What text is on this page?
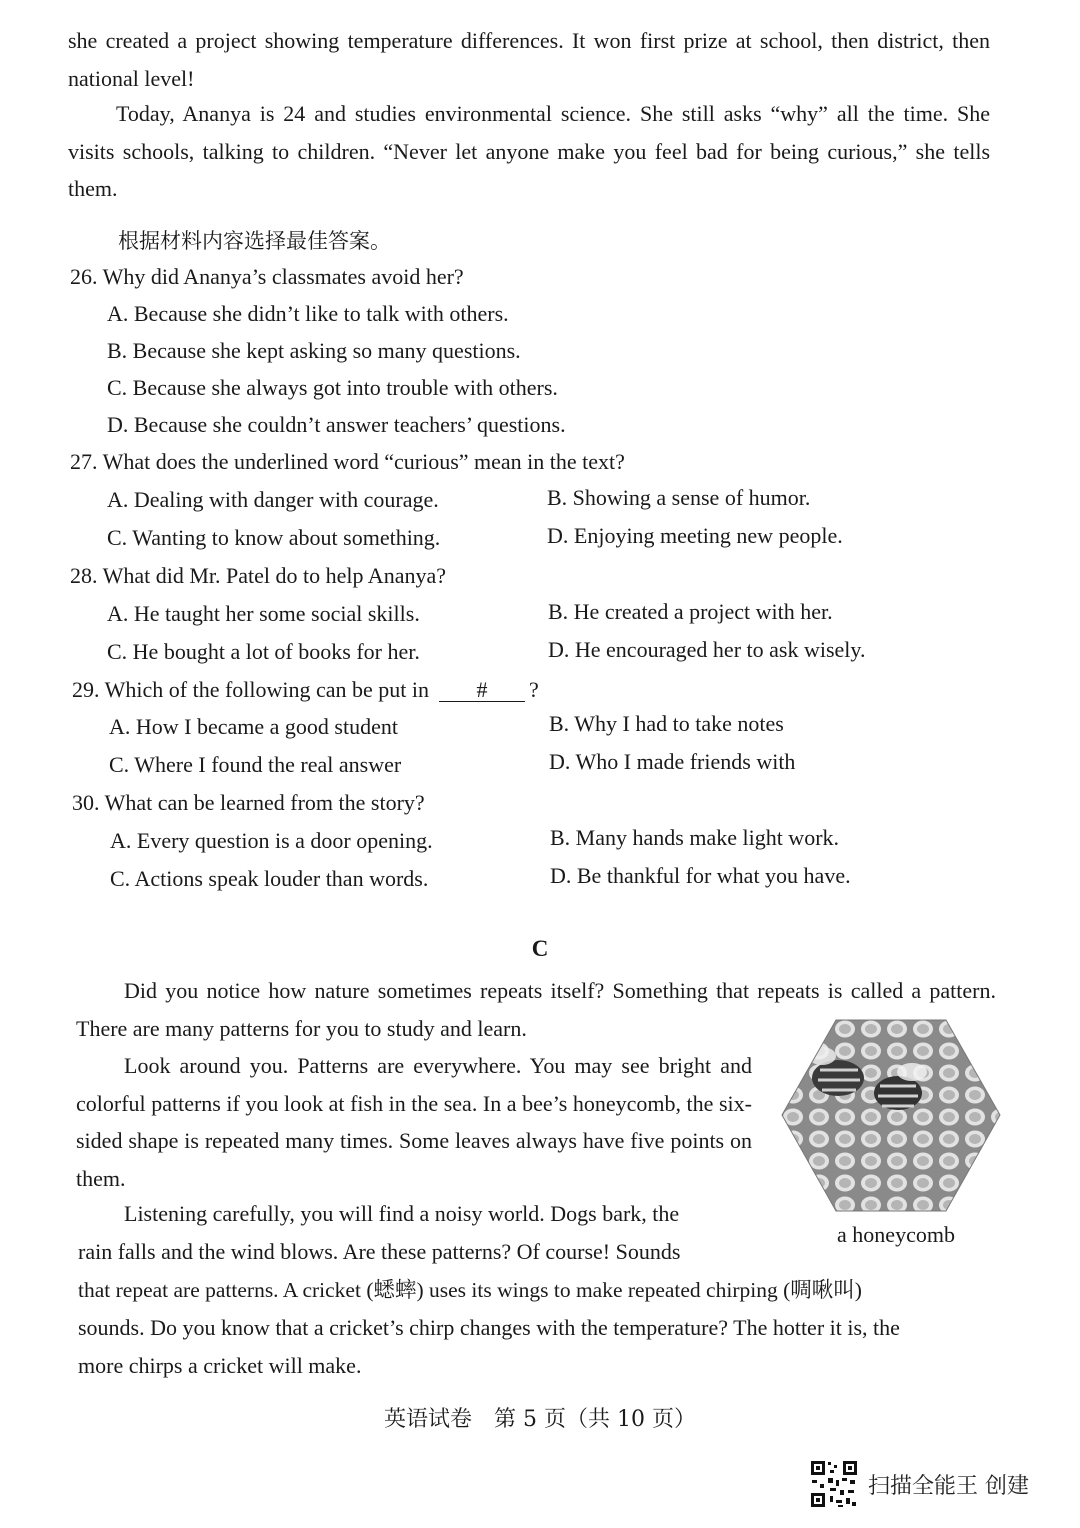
she created a project showing temperature differences. It won first prize at school, then district, then national level!

Today, Ananya is 24 and studies environmental science. She still asks “why” all the time. She visits schools, talking to children. “Never let anyone make you feel bad for being curious,” she tells them.

根据材料内容选择最佳答案。

26. Why did Ananya’s classmates avoid her?

A. Because she didn’t like to talk with others.

B. Because she kept asking so many questions.

C. Because she always got into trouble with others.

D. Because she couldn’t answer teachers’ questions.

27. What does the underlined word “curious” mean in the text?

A. Dealing with danger with courage.	B. Showing a sense of humor.

C. Wanting to know about something.	D. Enjoying meeting new people.

28. What did Mr. Patel do to help Ananya?

A. He taught her some social skills.	B. He created a project with her.

C. He bought a lot of books for her.	D. He encouraged her to ask wisely.

29. Which of the following can be put in # ?

A. How I became a good student	B. Why I had to take notes

C. Where I found the real answer	D. Who I made friends with

30. What can be learned from the story?

A. Every question is a door opening.	B. Many hands make light work.

C. Actions speak louder than words.	D. Be thankful for what you have.

C

Did you notice how nature sometimes repeats itself? Something that repeats is called a pattern. There are many patterns for you to study and learn.

Look around you. Patterns are everywhere. You may see bright and colorful patterns if you look at fish in the sea. In a bee’s honeycomb, the six-sided shape is repeated many times. Some leaves always have five points on them.

Listening carefully, you will find a noisy world. Dogs bark, the

rain falls and the wind blows. Are these patterns? Of course! Sounds

that repeat are patterns. A cricket (蟋蟀) uses its wings to make repeated chirping (啁啾叫)

sounds. Do you know that a cricket’s chirp changes with the temperature? The hotter it is, the

more chirps a cricket will make.

a honeycomb
英语试卷　第 5 页（共 10 页）
扫描全能王 创建
